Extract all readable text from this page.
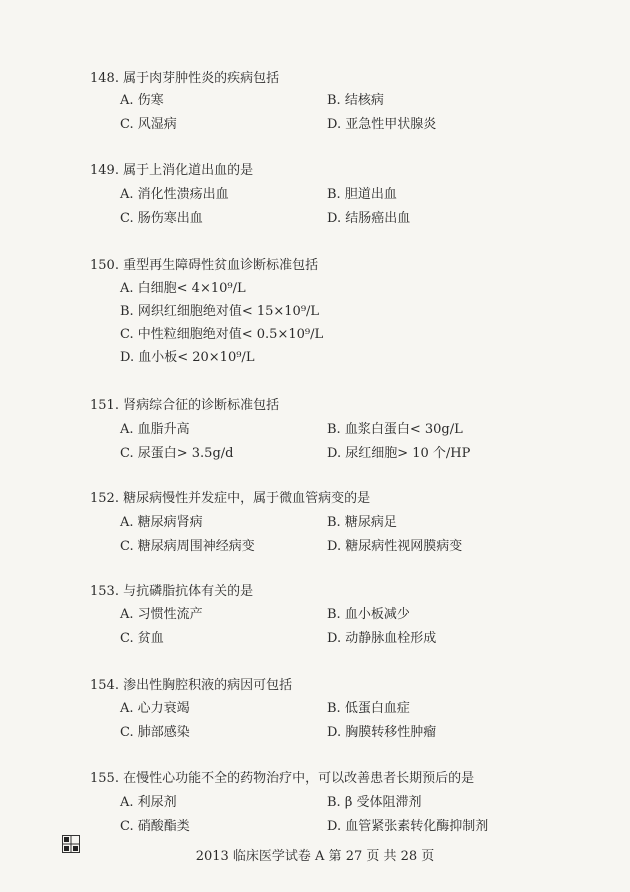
148. 属于肉芽肿性炎的疾病包括
A. 伤寒	B. 结核病
C. 风湿病	D. 亚急性甲状腺炎
149. 属于上消化道出血的是
A. 消化性溃疡出血	B. 胆道出血
C. 肠伤寒出血	D. 结肠癌出血
150. 重型再生障碍性贫血诊断标准包括
A. 白细胞< 4×10⁹/L
B. 网织红细胞绝对值< 15×10⁹/L
C. 中性粒细胞绝对值< 0.5×10⁹/L
D. 血小板< 20×10⁹/L
151. 肾病综合征的诊断标准包括
A. 血脂升高	B. 血浆白蛋白< 30g/L
C. 尿蛋白> 3.5g/d	D. 尿红细胞> 10 个/HP
152. 糖尿病慢性并发症中，属于微血管病变的是
A. 糖尿病肾病	B. 糖尿病足
C. 糖尿病周围神经病变	D. 糖尿病性视网膜病变
153. 与抗磷脂抗体有关的是
A. 习惯性流产	B. 血小板减少
C. 贫血	D. 动静脉血栓形成
154. 渗出性胸腔积液的病因可包括
A. 心力衰竭	B. 低蛋白血症
C. 肺部感染	D. 胸膜转移性肿瘤
155. 在慢性心功能不全的药物治疗中，可以改善患者长期预后的是
A. 利尿剂	B. β 受体阻滞剂
C. 硝酸酯类	D. 血管紧张素转化酶抑制剂
2013 临床医学试卷 A 第 27 页 共 28 页
